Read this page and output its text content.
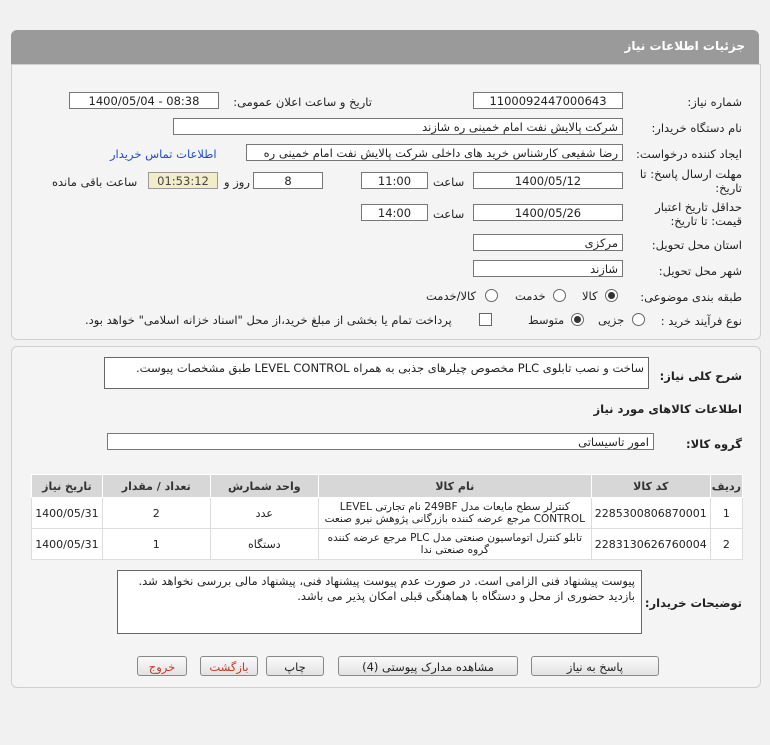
جزئیات اطلاعات نیاز
شماره نیاز:
1100092447000643
تاریخ و ساعت اعلان عمومی:
1400/05/04 - 08:38
نام دستگاه خریدار:
شرکت پالایش نفت امام خمینی ره شازند
ایجاد کننده درخواست:
رضا شفیعی کارشناس خرید های داخلی شرکت پالایش نفت امام خمینی ره
اطلاعات تماس خریدار
مهلت ارسال پاسخ: تا
تاریخ:
1400/05/12
ساعت
11:00
8
روز و
01:53:12
ساعت باقی مانده
حداقل تاریخ اعتبار
قیمت: تا تاریخ:
1400/05/26
ساعت
14:00
استان محل تحویل:
مرکزی
شهر محل تحویل:
شازند
طبقه بندی موضوعی:
کالا
خدمت
کالا/خدمت
نوع فرآیند خرید :
جزیی
متوسط
پرداخت تمام یا بخشی از مبلغ خرید،از محل "اسناد خزانه اسلامی" خواهد بود.
شرح کلی نیاز:
ساخت و نصب تابلوی PLC مخصوص چیلرهای جذبی به همراه LEVEL CONTROL طبق مشخصات پیوست.
اطلاعات کالاهای مورد نیاز
گروه کالا:
امور تاسیساتی
ردیف	کد کالا	نام کالا	واحد شمارش	تعداد / مقدار	تاریخ نیاز
1	2285300806870001	کنترلر سطح مایعات مدل 249BF نام تجارتی LEVEL CONTROL مرجع عرضه کننده بازرگانی پژوهش نیرو صنعت	عدد	2	1400/05/31
2	2283130626760004	تابلو کنترل اتوماسیون صنعتی مدل PLC مرجع عرضه کننده گروه صنعتی ندا	دستگاه	1	1400/05/31
توضیحات خریدار:
پیوست پیشنهاد فنی الزامی است. در صورت عدم پیوست پیشنهاد فنی، پیشنهاد مالی بررسی نخواهد شد.
بازدید حضوری از محل و دستگاه با هماهنگی قبلی امکان پذیر می باشد.
پاسخ به نیاز
مشاهده مدارک پیوستی (4)
چاپ
بازگشت
خروج
